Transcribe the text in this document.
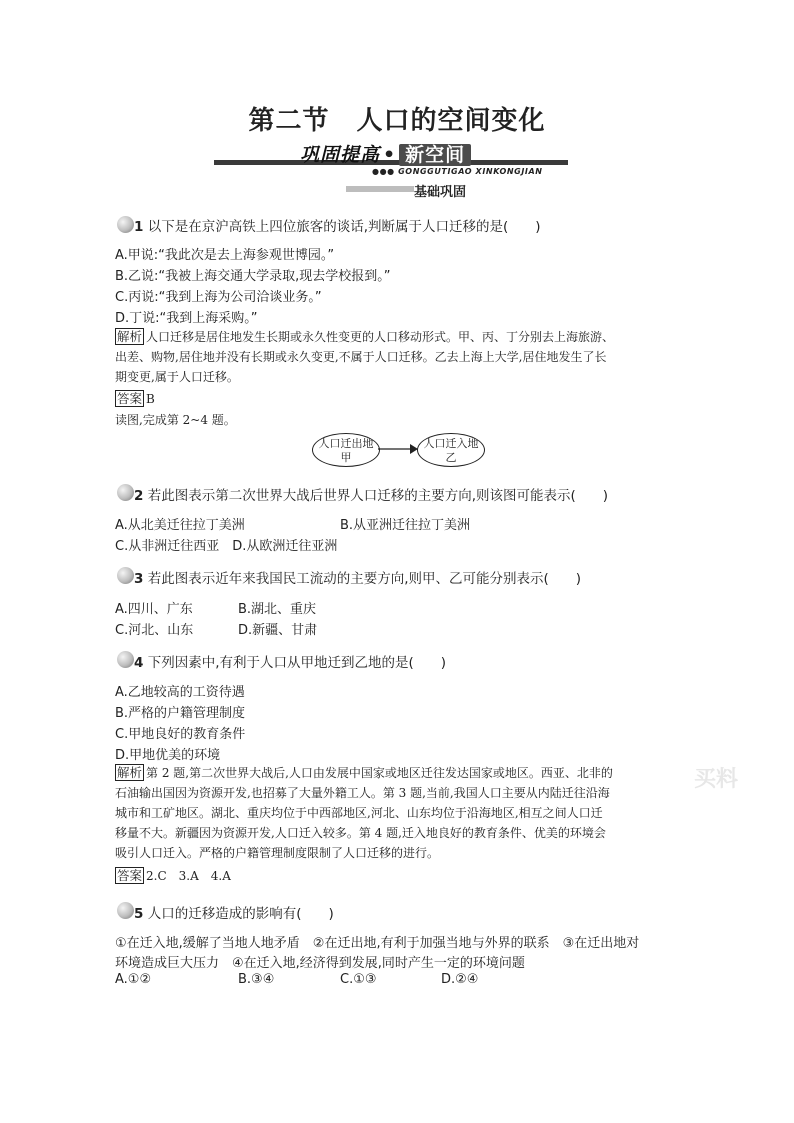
第二节　人口的空间变化
巩固提高 • 新空间
●●● GONGGUTIGAO XINKONGJIAN
基础巩固
1 以下是在京沪高铁上四位旅客的谈话,判断属于人口迁移的是(　　)
A.甲说:“我此次是去上海参观世博园。”
B.乙说:“我被上海交通大学录取,现去学校报到。”
C.丙说:“我到上海为公司洽谈业务。”
D.丁说:“我到上海采购。”
解析 人口迁移是居住地发生长期或永久性变更的人口移动形式。甲、丙、丁分别去上海旅游、
出差、购物,居住地并没有长期或永久变更,不属于人口迁移。乙去上海上大学,居住地发生了长
期变更,属于人口迁移。
答案 B
读图,完成第 2~4 题。
人口迁出地
甲
人口迁入地
乙
2 若此图表示第二次世界大战后世界人口迁移的主要方向,则该图可能表示(　　)
A.从北美迁往拉丁美洲	B.从亚洲迁往拉丁美洲
C.从非洲迁往西亚　D.从欧洲迁往亚洲
3 若此图表示近年来我国民工流动的主要方向,则甲、乙可能分别表示(　　)
A.四川、广东	B.湖北、重庆
C.河北、山东	D.新疆、甘肃
4 下列因素中,有利于人口从甲地迁到乙地的是(　　)
A.乙地较高的工资待遇
B.严格的户籍管理制度
C.甲地良好的教育条件
D.甲地优美的环境
解析 第 2 题,第二次世界大战后,人口由发展中国家或地区迁往发达国家或地区。西亚、北非的
石油输出国因为资源开发,也招募了大量外籍工人。第 3 题,当前,我国人口主要从内陆迁往沿海
城市和工矿地区。湖北、重庆均位于中西部地区,河北、山东均位于沿海地区,相互之间人口迁
移量不大。新疆因为资源开发,人口迁入较多。第 4 题,迁入地良好的教育条件、优美的环境会
吸引人口迁入。严格的户籍管理制度限制了人口迁移的进行。
买料
答案 2.C　3.A　4.A
5 人口的迁移造成的影响有(　　)
①在迁入地,缓解了当地人地矛盾　②在迁出地,有利于加强当地与外界的联系　③在迁出地对
环境造成巨大压力　④在迁入地,经济得到发展,同时产生一定的环境问题
A.①②	B.③④	C.①③	D.②④
